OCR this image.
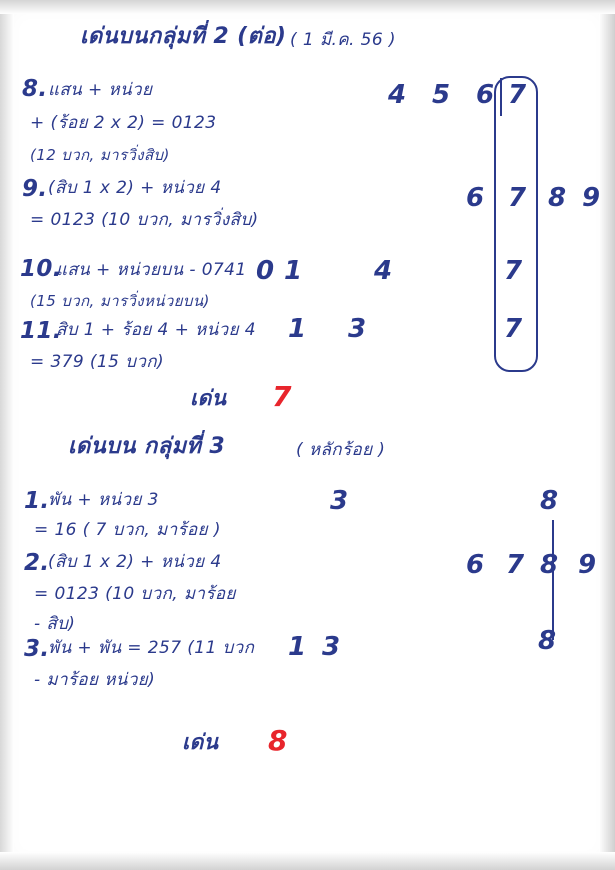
เด่นบนกลุ่มที่ 2 (ต่อ) ( 1 มี.ค. 56 )
8. แสน + หน่วย
+ (ร้อย 2 x 2) = 0123
(12 บวก, มารวิ่งสิบ)
4 5 6 7
9. (สิบ 1 x 2) + หน่วย 4
= 0123 (10 บวก, มารวิ่งสิบ)
6 7 8 9
10.
แสน + หน่วยบน - 0741
(15 บวก, มารวิ่งหน่วยบน)
0 1	4	7
11.
สิบ 1 + ร้อย 4 + หน่วย 4
= 379 (15 บวก)
1 3	7
เด่น 7
เด่นบน กลุ่มที่ 3	( หลักร้อย )
1.
พัน + หน่วย 3
= 16 ( 7 บวก, มาร้อย )
3	8
2.
(สิบ 1 x 2) + หน่วย 4
= 0123 (10 บวก, มาร้อย
- สิบ)
6 7 8 9
3.
พัน + พัน = 257 (11 บวก
- มาร้อย หน่วย)
1 3	8
เด่น 8
